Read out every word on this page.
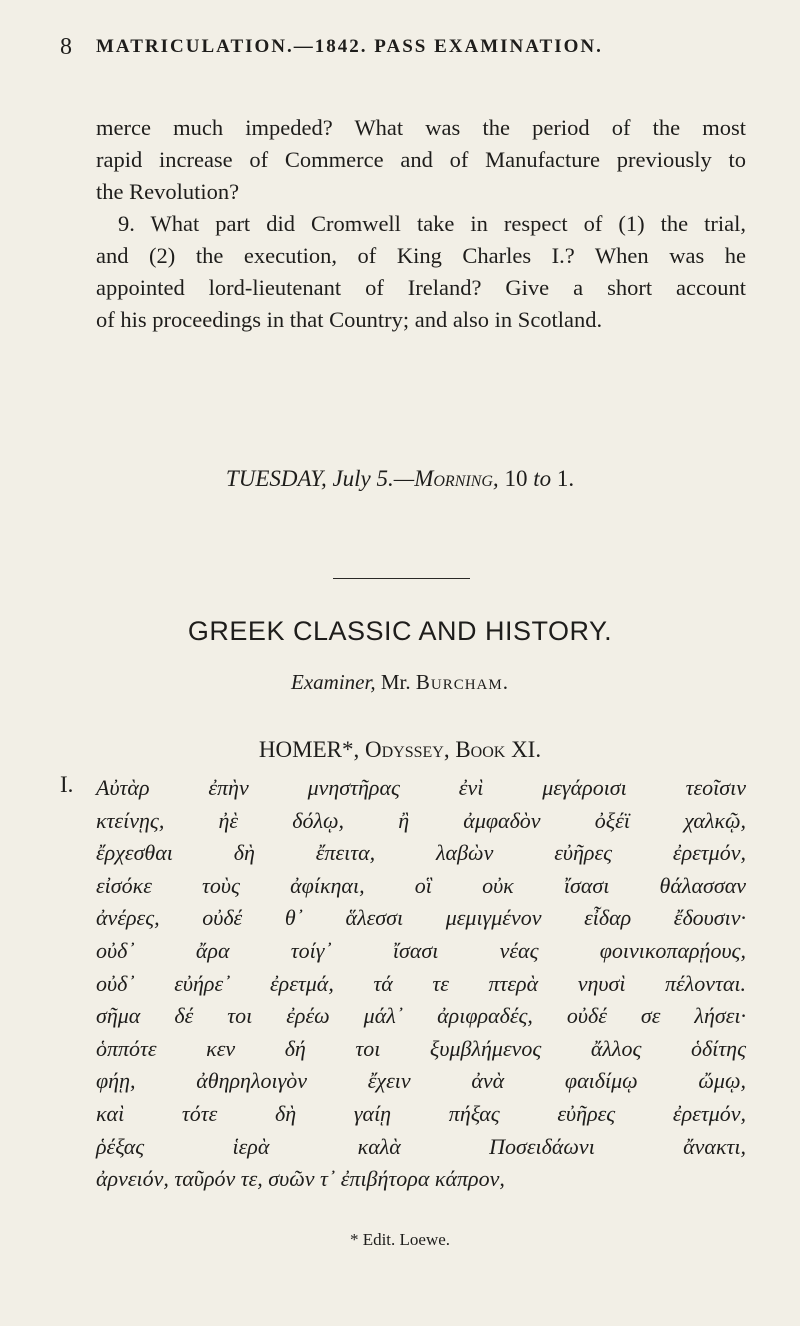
8 MATRICULATION.—1842. PASS EXAMINATION.
merce much impeded? What was the period of the most
rapid increase of Commerce and of Manufacture previously to
the Revolution?
9. What part did Cromwell take in respect of (1) the trial,
and (2) the execution, of King Charles I.? When was he
appointed lord-lieutenant of Ireland? Give a short account
of his proceedings in that Country; and also in Scotland.
TUESDAY, July 5.—Morning, 10 to 1.
GREEK CLASSIC AND HISTORY.
Examiner, Mr. Burcham.
HOMER*, Odyssey, Book XI.
I. Αὐτὰρ ἐπὴν μνηστῆρας ἐνὶ μεγάροισι τεοῖσιν
κτείνῃς, ἠὲ δόλῳ, ἢ ἀμφαδὸν ὀξέϊ χαλκῷ,
ἔρχεσθαι δὴ ἔπειτα, λαβὼν εὐῆρες ἐρετμόν,
εἰσόκε τοὺς ἀφίκηαι, οἳ οὐκ ἴσασι θάλασσαν
ἀνέρες, οὐδέ θ᾽ ἅλεσσι μεμιγμένον εἶδαρ ἔδουσιν·
οὐδ᾽ ἄρα τοίγ᾽ ἴσασι νέας φοινικοπαρῄους,
οὐδ᾽ εὐήρε᾽ ἐρετμά, τά τε πτερὰ νηυσὶ πέλονται.
σῆμα δέ τοι ἐρέω μάλ᾽ ἀριφραδές, οὐδέ σε λήσει·
ὁππότε κεν δή τοι ξυμβλήμενος ἄλλος ὁδίτης
φήῃ, ἀθηρηλοιγὸν ἔχειν ἀνὰ φαιδίμῳ ὤμῳ,
καὶ τότε δὴ γαίῃ πήξας εὐῆρες ἐρετμόν,
ῥέξας ἱερὰ καλὰ Ποσειδάωνι ἄνακτι,
ἀρνειόν, ταῦρόν τε, συῶν τ᾽ ἐπιβήτορα κάπρον,
* Edit. Loewe.
